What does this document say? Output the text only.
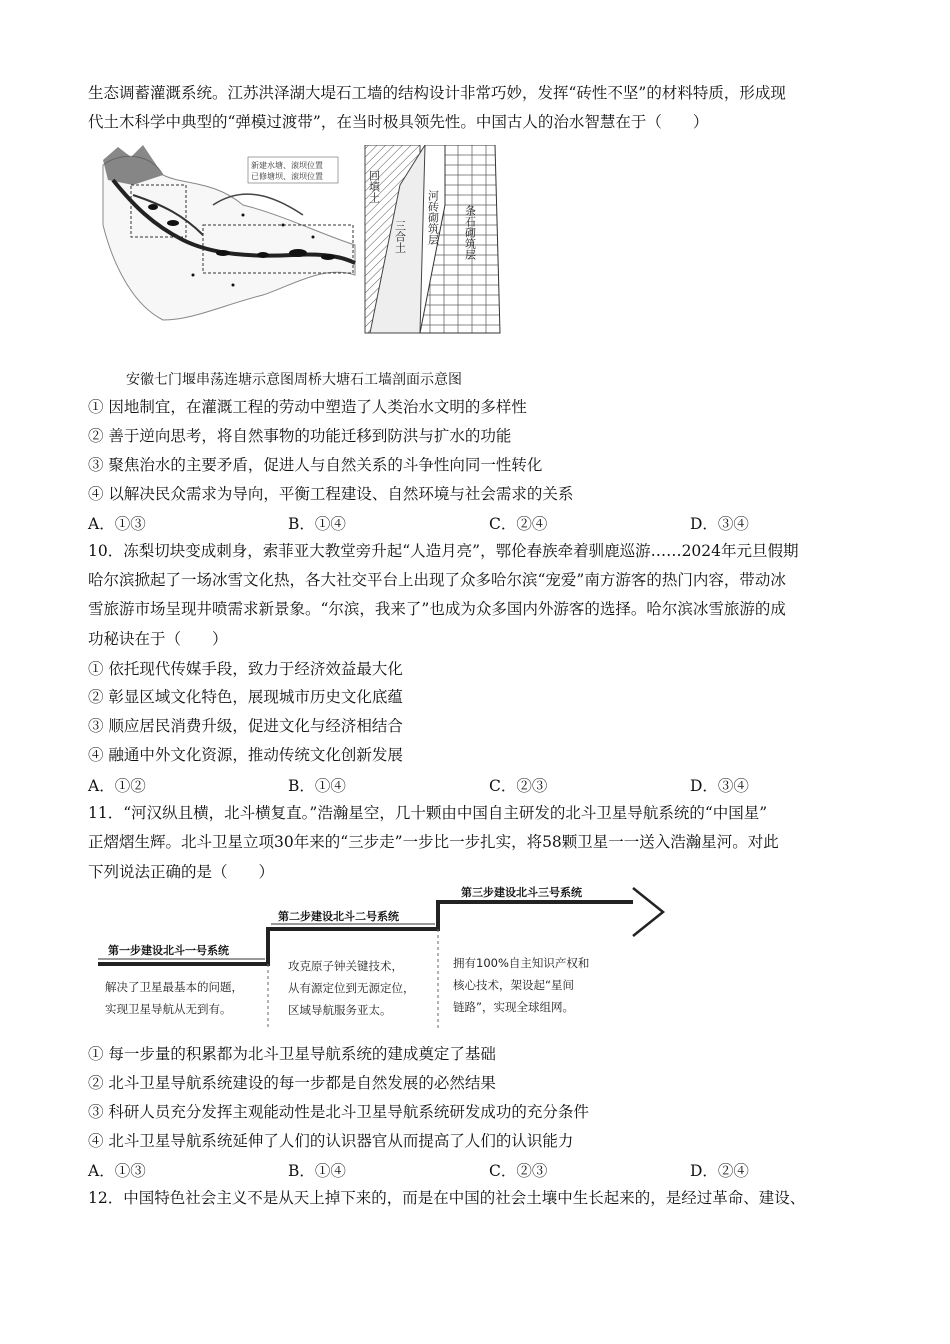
生态调蓄灌溉系统。江苏洪泽湖大堤石工墙的结构设计非常巧妙，发挥“砖性不坚”的材料特质，形成现
代土木科学中典型的“弹模过渡带”，在当时极具领先性。中国古人的治水智慧在于（　　）
新建水塘、滚坝位置
已修塘坝、滚坝位置	回填土
三合土 河砖砌筑层 条石砌筑层
安徽七门堰串荡连塘示意图周桥大塘石工墙剖面示意图
① 因地制宜，在灌溉工程的劳动中塑造了人类治水文明的多样性
② 善于逆向思考，将自然事物的功能迁移到防洪与扩水的功能
③ 聚焦治水的主要矛盾，促进人与自然关系的斗争性向同一性转化
④ 以解决民众需求为导向，平衡工程建设、自然环境与社会需求的关系
A．①③	B．①④	C．②④	D．③④
10．冻梨切块变成刺身，索菲亚大教堂旁升起“人造月亮”，鄂伦春族牵着驯鹿巡游……2024年元旦假期
哈尔滨掀起了一场冰雪文化热，各大社交平台上出现了众多哈尔滨“宠爱”南方游客的热门内容，带动冰
雪旅游市场呈现井喷需求新景象。“尔滨，我来了”也成为众多国内外游客的选择。哈尔滨冰雪旅游的成
功秘诀在于（　　）
① 依托现代传媒手段，致力于经济效益最大化
② 彰显区域文化特色，展现城市历史文化底蕴
③ 顺应居民消费升级，促进文化与经济相结合
④ 融通中外文化资源，推动传统文化创新发展
A．①②	B．①④	C．②③	D．③④
11．“河汉纵且横，北斗横复直。”浩瀚星空，几十颗由中国自主研发的北斗卫星导航系统的“中国星”
正熠熠生辉。北斗卫星立项30年来的“三步走”一步比一步扎实，将58颗卫星一一送入浩瀚星河。对此
下列说法正确的是（　　）
第一步建设北斗一号系统
第二步建设北斗二号系统
第三步建设北斗三号系统
解决了卫星最基本的问题，
实现卫星导航从无到有。
攻克原子钟关键技术，
从有源定位到无源定位，
区域导航服务亚太。
拥有100%自主知识产权和
核心技术，架设起“星间
链路”，实现全球组网。
① 每一步量的积累都为北斗卫星导航系统的建成奠定了基础
② 北斗卫星导航系统建设的每一步都是自然发展的必然结果
③ 科研人员充分发挥主观能动性是北斗卫星导航系统研发成功的充分条件
④ 北斗卫星导航系统延伸了人们的认识器官从而提高了人们的认识能力
A．①③	B．①④	C．②③	D．②④
12．中国特色社会主义不是从天上掉下来的，而是在中国的社会土壤中生长起来的，是经过革命、建设、
